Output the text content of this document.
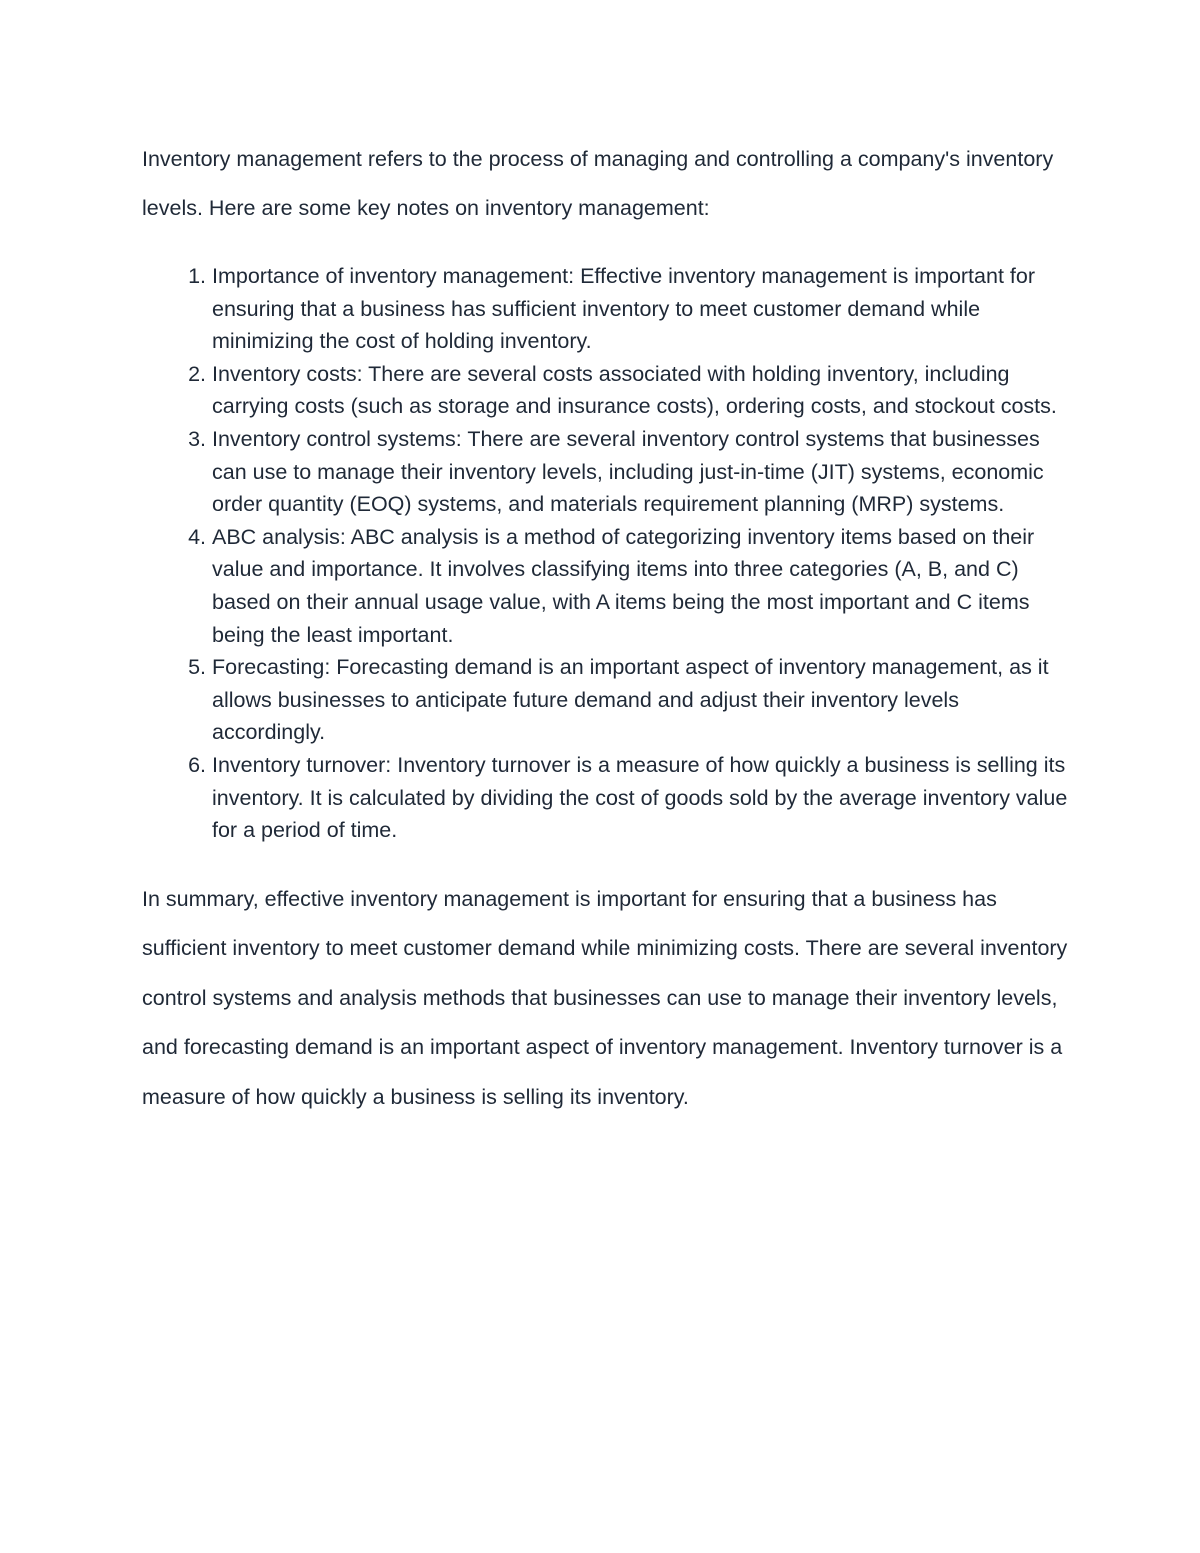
Inventory management refers to the process of managing and controlling a company's inventory levels. Here are some key notes on inventory management:

1. Importance of inventory management: Effective inventory management is important for ensuring that a business has sufficient inventory to meet customer demand while minimizing the cost of holding inventory.
2. Inventory costs: There are several costs associated with holding inventory, including carrying costs (such as storage and insurance costs), ordering costs, and stockout costs.
3. Inventory control systems: There are several inventory control systems that businesses can use to manage their inventory levels, including just-in-time (JIT) systems, economic order quantity (EOQ) systems, and materials requirement planning (MRP) systems.
4. ABC analysis: ABC analysis is a method of categorizing inventory items based on their value and importance. It involves classifying items into three categories (A, B, and C) based on their annual usage value, with A items being the most important and C items being the least important.
5. Forecasting: Forecasting demand is an important aspect of inventory management, as it allows businesses to anticipate future demand and adjust their inventory levels accordingly.
6. Inventory turnover: Inventory turnover is a measure of how quickly a business is selling its inventory. It is calculated by dividing the cost of goods sold by the average inventory value for a period of time.

In summary, effective inventory management is important for ensuring that a business has sufficient inventory to meet customer demand while minimizing costs. There are several inventory control systems and analysis methods that businesses can use to manage their inventory levels, and forecasting demand is an important aspect of inventory management. Inventory turnover is a measure of how quickly a business is selling its inventory.
